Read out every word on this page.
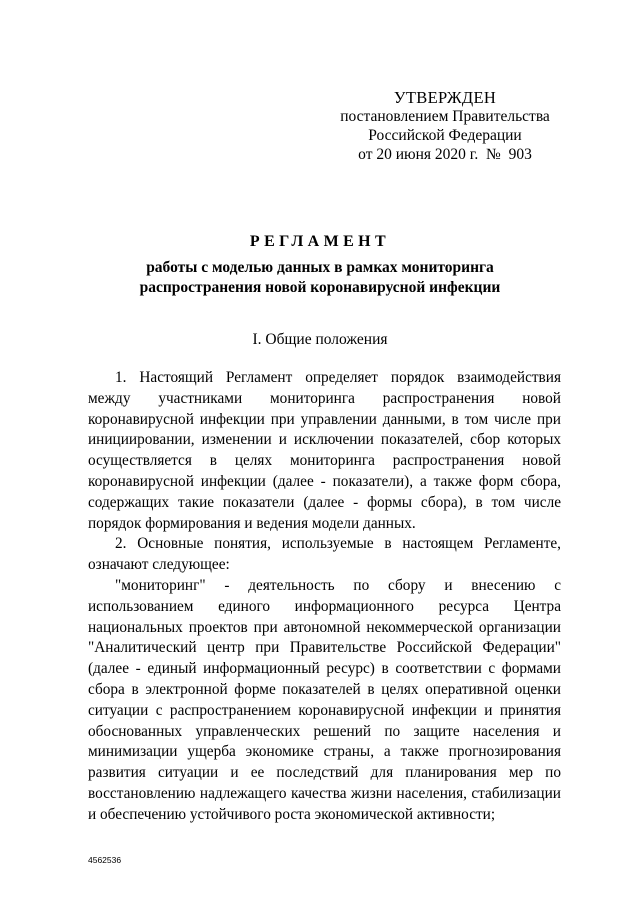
УТВЕРЖДЕН
постановлением Правительства
Российской Федерации
от 20 июня 2020 г.  №  903
РЕГЛАМЕНТ
работы с моделью данных в рамках мониторинга
распространения новой коронавирусной инфекции
I. Общие положения

1. Настоящий Регламент определяет порядок взаимодействия между участниками мониторинга распространения новой коронавирусной инфекции при управлении данными, в том числе при инициировании, изменении и исключении показателей, сбор которых осуществляется в целях мониторинга распространения новой коронавирусной инфекции (далее - показатели), а также форм сбора, содержащих такие показатели (далее - формы сбора), в том числе порядок формирования и ведения модели данных.

2. Основные понятия, используемые в настоящем Регламенте, означают следующее:

"мониторинг" - деятельность по сбору и внесению с использованием единого информационного ресурса Центра национальных проектов при автономной некоммерческой организации "Аналитический центр при Правительстве Российской Федерации" (далее - единый информационный ресурс) в соответствии с формами сбора в электронной форме показателей в целях оперативной оценки ситуации с распространением коронавирусной инфекции и принятия обоснованных управленческих решений по защите населения и минимизации ущерба экономике страны, а также прогнозирования развития ситуации и ее последствий для планирования мер по восстановлению надлежащего качества жизни населения, стабилизации и обеспечению устойчивого роста экономической активности;

4562536
